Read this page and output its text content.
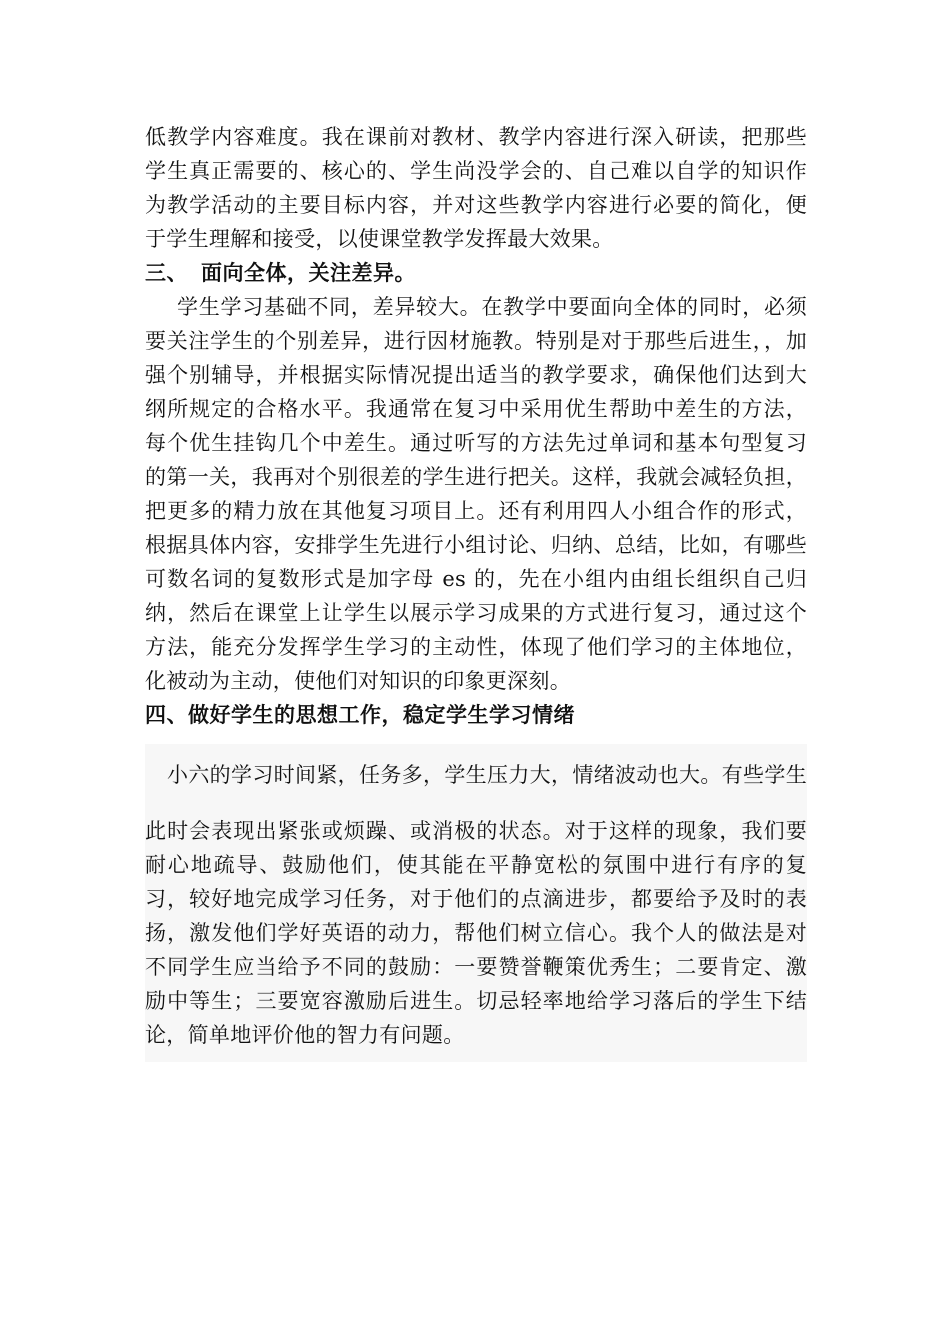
低教学内容难度。我在课前对教材、教学内容进行深入研读，把那些
学生真正需要的、核心的、学生尚没学会的、自己难以自学的知识作
为教学活动的主要目标内容，并对这些教学内容进行必要的简化，便
于学生理解和接受，以使课堂教学发挥最大效果。
三、 面向全体，关注差异。
学生学习基础不同，差异较大。在教学中要面向全体的同时，必须
要关注学生的个别差异，进行因材施教。特别是对于那些后进生，，加
强个别辅导，并根据实际情况提出适当的教学要求，确保他们达到大
纲所规定的合格水平。我通常在复习中采用优生帮助中差生的方法，
每个优生挂钩几个中差生。通过听写的方法先过单词和基本句型复习
的第一关，我再对个别很差的学生进行把关。这样，我就会减轻负担，
把更多的精力放在其他复习项目上。还有利用四人小组合作的形式，
根据具体内容，安排学生先进行小组讨论、归纳、总结，比如，有哪些
可数名词的复数形式是加字母 es 的，先在小组内由组长组织自己归
纳，然后在课堂上让学生以展示学习成果的方式进行复习，通过这个
方法，能充分发挥学生学习的主动性，体现了他们学习的主体地位，
化被动为主动，使他们对知识的印象更深刻。
四、做好学生的思想工作，稳定学生学习情绪
小六的学习时间紧，任务多，学生压力大，情绪波动也大。有些学生
此时会表现出紧张或烦躁、或消极的状态。对于这样的现象，我们要
耐心地疏导、鼓励他们，使其能在平静宽松的氛围中进行有序的复
习，较好地完成学习任务，对于他们的点滴进步，都要给予及时的表
扬，激发他们学好英语的动力，帮他们树立信心。我个人的做法是对
不同学生应当给予不同的鼓励：一要赞誉鞭策优秀生；二要肯定、激
励中等生；三要宽容激励后进生。切忌轻率地给学习落后的学生下结
论，简单地评价他的智力有问题。
